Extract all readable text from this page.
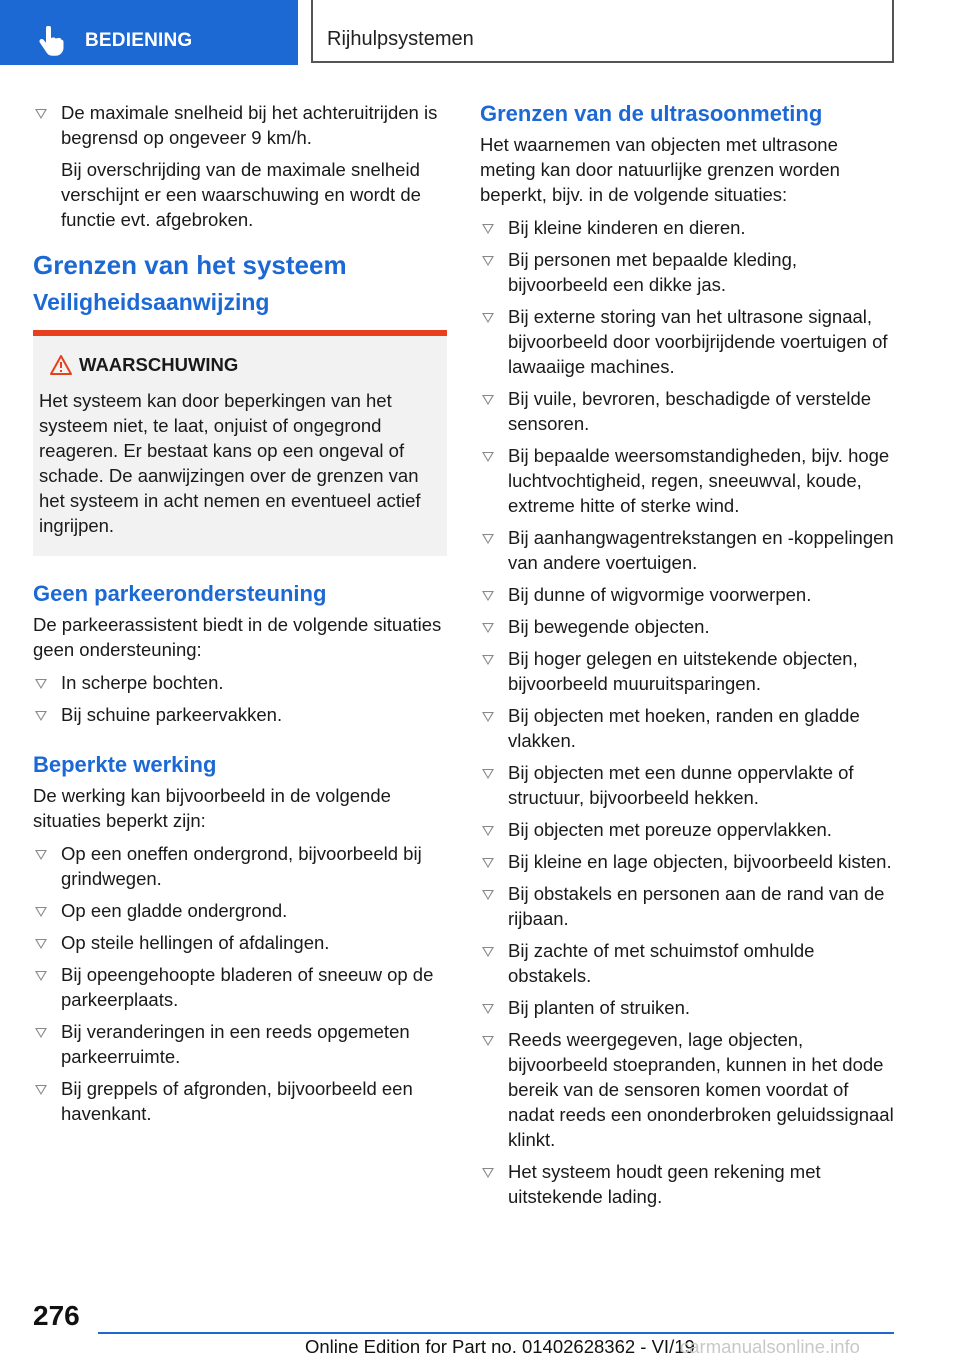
BEDIENING	Rijhulpsystemen
De maximale snelheid bij het achteruitrijden is begrensd op ongeveer 9 km/h.
Bij overschrijding van de maximale snelheid verschijnt er een waarschuwing en wordt de functie evt. afgebroken.
Grenzen van het systeem
Veiligheidsaanwijzing
WAARSCHUWING
Het systeem kan door beperkingen van het systeem niet, te laat, onjuist of ongegrond reageren. Er bestaat kans op een ongeval of schade. De aanwijzingen over de grenzen van het systeem in acht nemen en eventueel actief ingrijpen.
Geen parkeerondersteuning

De parkeerassistent biedt in de volgende situaties geen ondersteuning:

In scherpe bochten.
Bij schuine parkeervakken.
Beperkte werking

De werking kan bijvoorbeeld in de volgende situaties beperkt zijn:

Op een oneffen ondergrond, bijvoorbeeld bij grindwegen.
Op een gladde ondergrond.
Op steile hellingen of afdalingen.
Bij opeengehoopte bladeren of sneeuw op de parkeerplaats.
Bij veranderingen in een reeds opgemeten parkeerruimte.
Bij greppels of afgronden, bijvoorbeeld een havenkant.
Grenzen van de ultrasoonmeting

Het waarnemen van objecten met ultrasone meting kan door natuurlijke grenzen worden beperkt, bijv. in de volgende situaties:

Bij kleine kinderen en dieren.
Bij personen met bepaalde kleding, bijvoorbeeld een dikke jas.
Bij externe storing van het ultrasone signaal, bijvoorbeeld door voorbijrijdende voertuigen of lawaaiige machines.
Bij vuile, bevroren, beschadigde of verstelde sensoren.
Bij bepaalde weersomstandigheden, bijv. hoge luchtvochtigheid, regen, sneeuwval, koude, extreme hitte of sterke wind.
Bij aanhangwagentrekstangen en -koppelingen van andere voertuigen.
Bij dunne of wigvormige voorwerpen.
Bij bewegende objecten.
Bij hoger gelegen en uitstekende objecten, bijvoorbeeld muuruitsparingen.
Bij objecten met hoeken, randen en gladde vlakken.
Bij objecten met een dunne oppervlakte of structuur, bijvoorbeeld hekken.
Bij objecten met poreuze oppervlakken.
Bij kleine en lage objecten, bijvoorbeeld kisten.
Bij obstakels en personen aan de rand van de rijbaan.
Bij zachte of met schuimstof omhulde obstakels.
Bij planten of struiken.
Reeds weergegeven, lage objecten, bijvoorbeeld stoepranden, kunnen in het dode bereik van de sensoren komen voordat of nadat reeds een ononderbroken geluidssignaal klinkt.
Het systeem houdt geen rekening met uitstekende lading.
276
Online Edition for Part no. 01402628362 - VI/19
carmanualsonline.info
